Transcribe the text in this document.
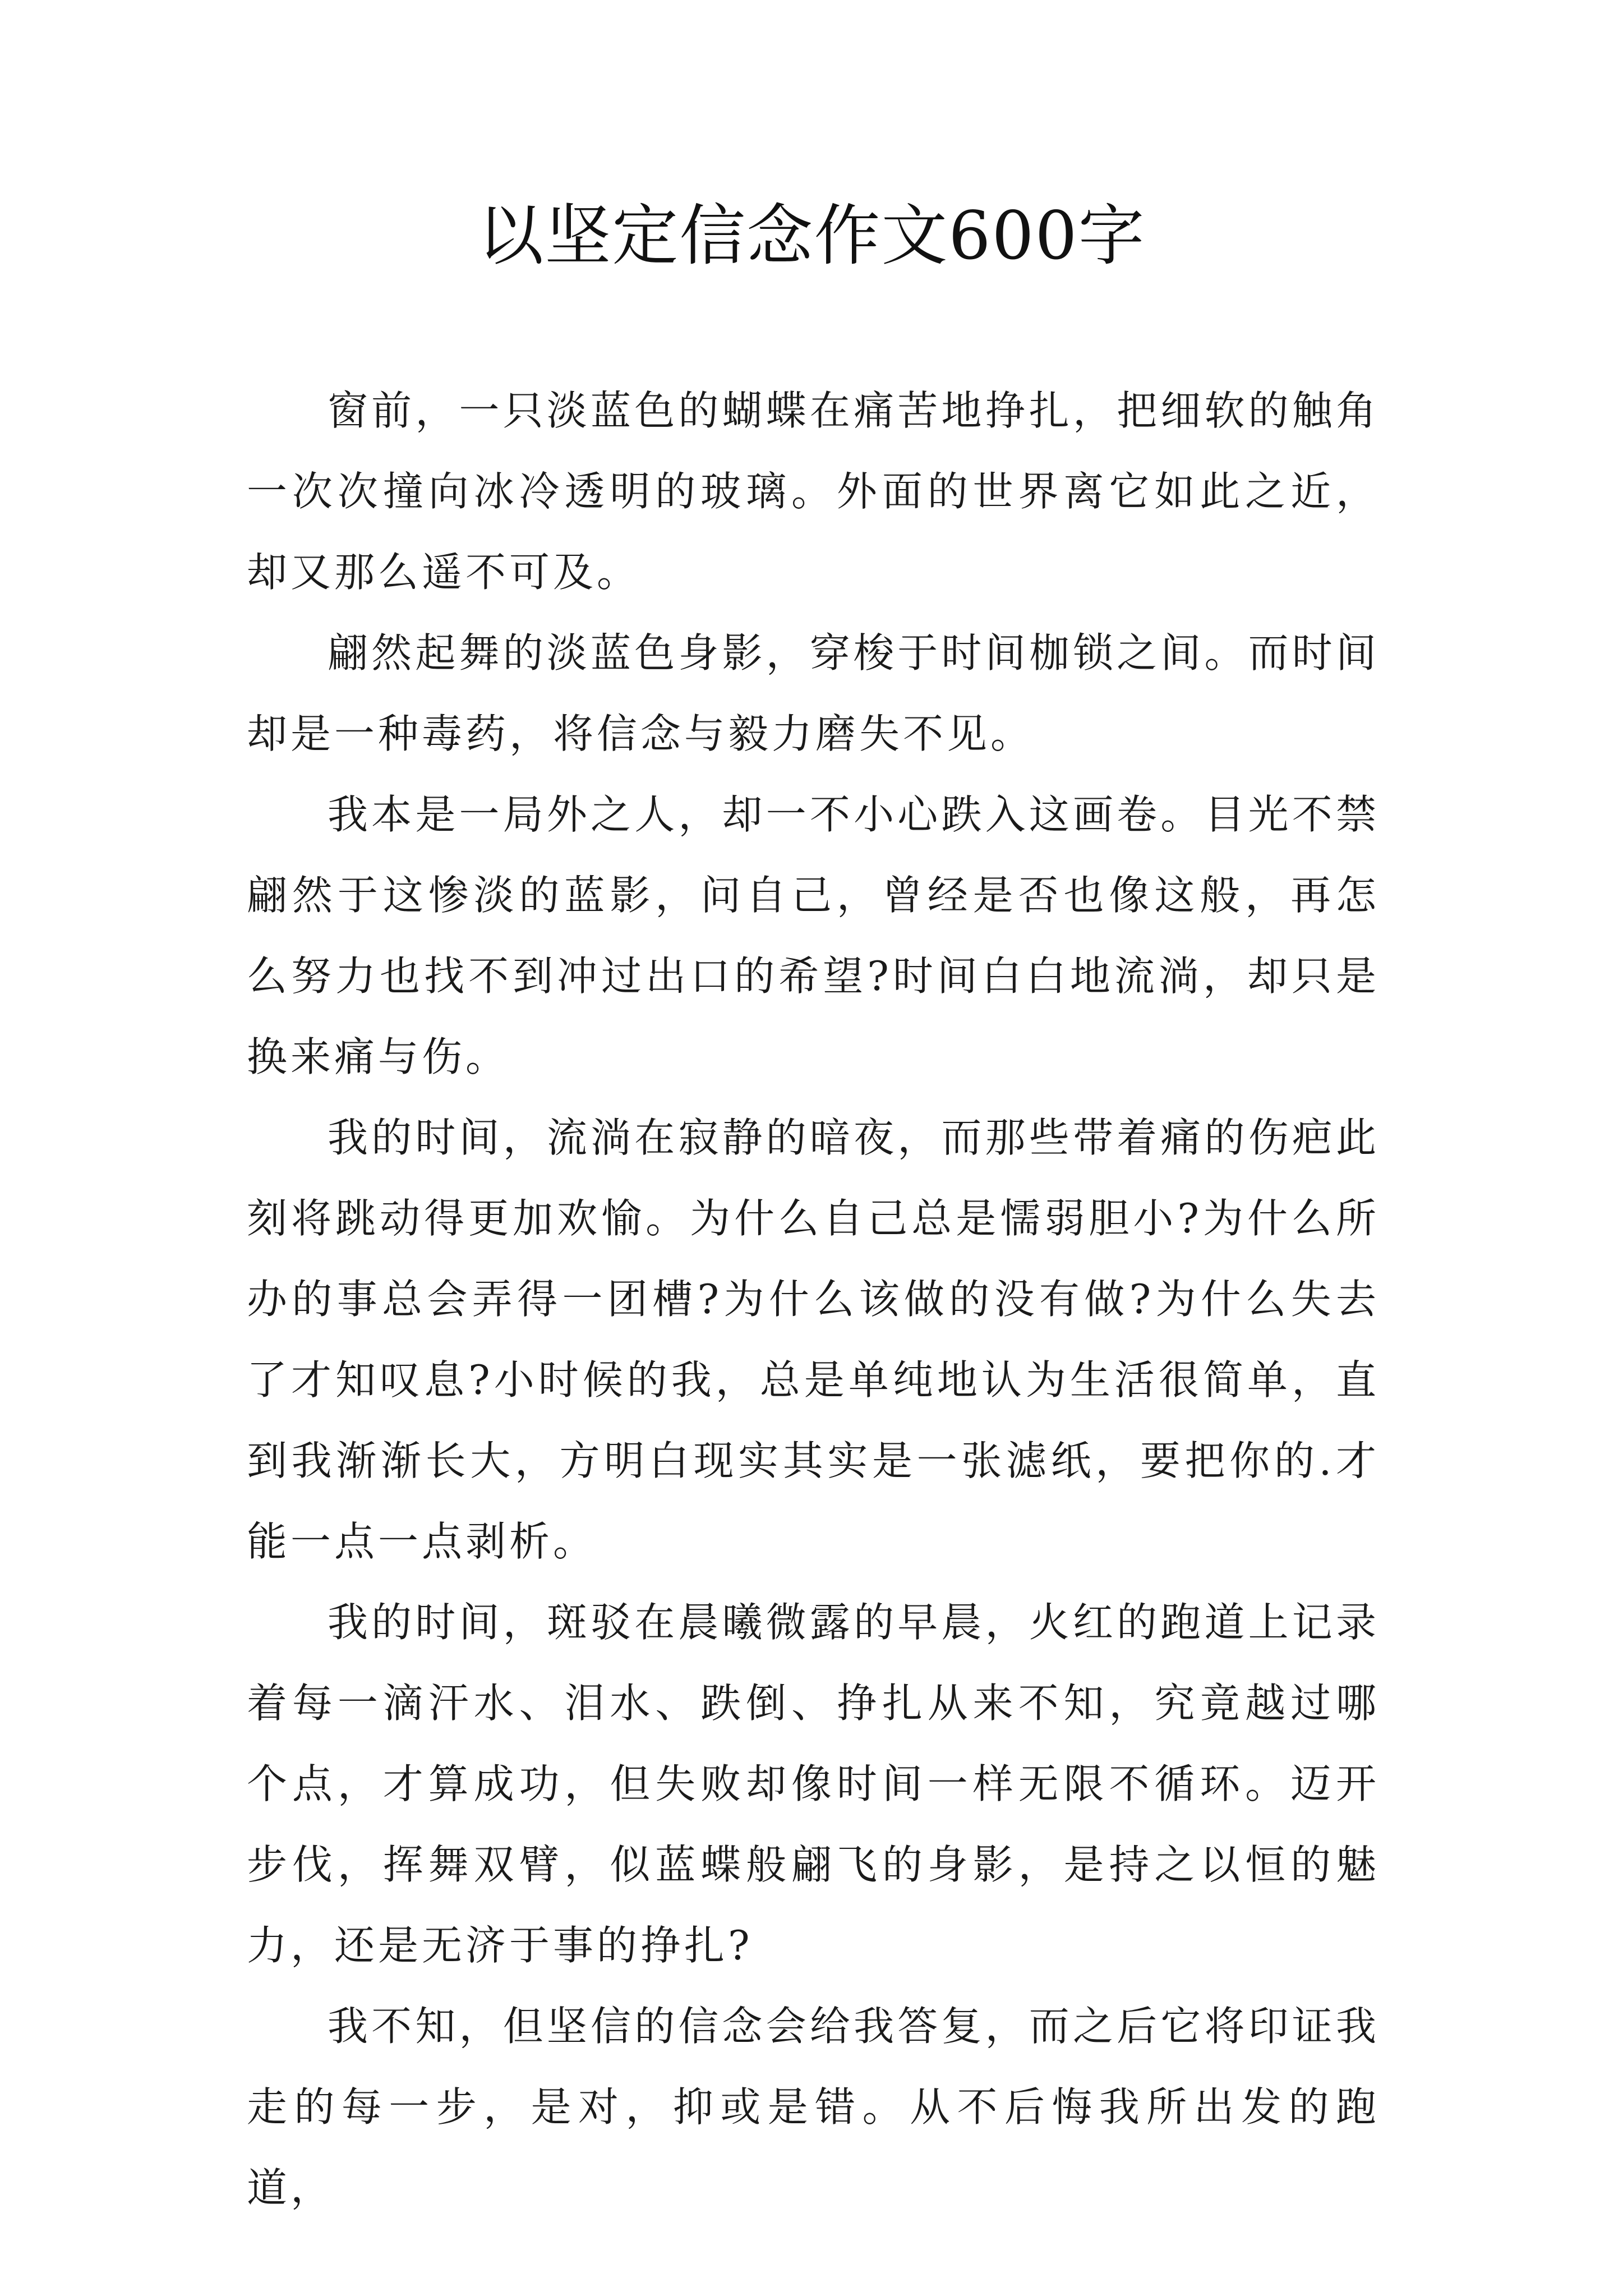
以坚定信念作文600字

窗前，一只淡蓝色的蝴蝶在痛苦地挣扎，把细软的触角一次次撞向冰冷透明的玻璃。外面的世界离它如此之近，却又那么遥不可及。

翩然起舞的淡蓝色身影，穿梭于时间枷锁之间。而时间却是一种毒药，将信念与毅力磨失不见。

我本是一局外之人，却一不小心跌入这画卷。目光不禁翩然于这惨淡的蓝影，问自己，曾经是否也像这般，再怎么努力也找不到冲过出口的希望?时间白白地流淌，却只是换来痛与伤。

我的时间，流淌在寂静的暗夜，而那些带着痛的伤疤此刻将跳动得更加欢愉。为什么自己总是懦弱胆小?为什么所办的事总会弄得一团槽?为什么该做的没有做?为什么失去了才知叹息?小时候的我，总是单纯地认为生活很简单，直到我渐渐长大，方明白现实其实是一张滤纸，要把你的.才能一点一点剥析。

我的时间，斑驳在晨曦微露的早晨，火红的跑道上记录着每一滴汗水、泪水、跌倒、挣扎从来不知，究竟越过哪个点，才算成功，但失败却像时间一样无限不循环。迈开步伐，挥舞双臂，似蓝蝶般翩飞的身影，是持之以恒的魅力，还是无济于事的挣扎?

我不知，但坚信的信念会给我答复，而之后它将印证我走的每一步，是对，抑或是错。从不后悔我所出发的跑道，
